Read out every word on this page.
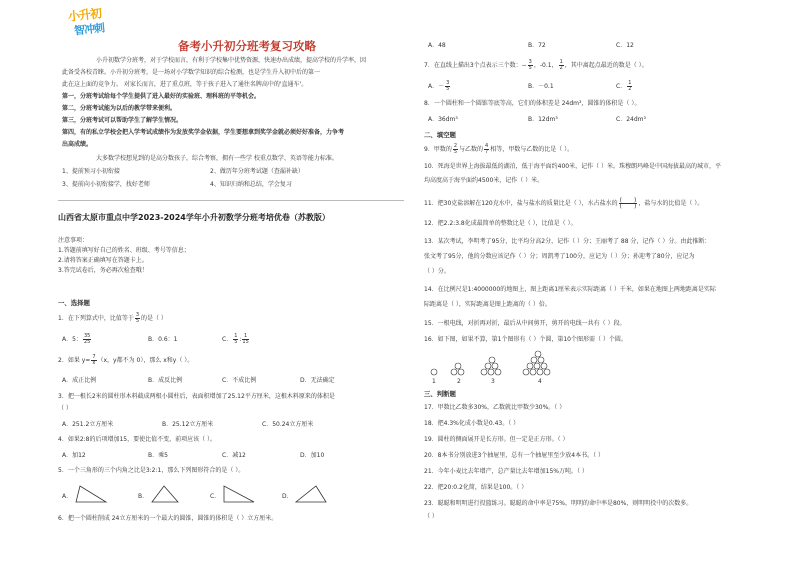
小升初
智冲刺
备考小升初分班考复习攻略
小升初数学分班考，对于学校而言，有利于学校集中优势资源，快速办出成绩，提高学校的升学率，因
此备受各校青睐。小升初分班考，是一场对小学数学知识的综合检测，也是学生升入初中后的第一
此在这上面的竞争力。 对家长而言，进了重点班，等于孩子进入了通往名牌高中的'直通车'。
第一，分班考试给每个学生提供了进入最好的实验班、理科班的平等机会。
第二，分班考试能为以后的教学带来便利。
第三，分班考试可以帮助学生了解学生情况。
第四，有的私立学校会把入学考试成绩作为发放奖学金依据，学生要想拿到奖学金就必须好好准备，力争考
出高成绩。
大多数学校想见到的是高分数孩子，综合考察，拥有一些学 校重点数学、英语等能力标准。
1、提前预习小初衔接	2、做历年分班考试题（查漏补缺）
3、提前向小初衔接学，找好老师	4、知识归纳和总结，学会复习
山西省太原市重点中学2023-2024学年小升初数学分班考培优卷（苏教版）
注意事项：
1.答题前填写好自己的姓名、班级、考号等信息；
2.请将答案正确填写在答题卡上。
3.答完试卷后，务必再次检查哦！
一、选择题
1．在下列算式中，比值等于 $\frac{3}{5}$ 的是（ ）
A．5： $\frac{35}{25}$	B．0.6：1	C． $\frac{1}{5}$ : $\frac{1}{15}$
2．如果 $y= \frac{7}{x} (x$，y都不为 0），那么 x和y（ ）。
A．成正比例	B．成反比例	C．不成比例	D．无法确定
3．把一根长2米的圆柱形木料截成两根小圆柱后，表面积增加了25.12平方厘米，这根木料原来的体积是
（ ）
A．251.2立方厘米	B．25.12立方厘米	C．50.24立方厘米
4．如果2:8的后项增加15，要使比值不变，前项应该（ ）。
A．加12	B．乘5	C．减12	D．加10
5．一个三角形的三个内角之比是3:2:1，那么下列图形符合的是（ ）。
A．	B．	C．	D．
6．把一个圆柱削成 24立方厘米的一个最大的圆锥，圆锥的体积是（ ）立方厘米。
A．48	B．72	C．12
7．在直线上描出3个点表示三个数：− $\frac{3}{5}$ ，-0.1， $\frac{1}{2}$ ，其中离起点最近的数是（ ）。
A．－ $\frac{3}{5}$	B．－0.1	C． $\frac{1}{2}$
8．一个圆柱和一个圆锥等底等高，它们的体积差是 24dm³，圆锥的体积是（ ）。
A．36dm³	B．12dm³	C．24dm³
二、填空题
9．甲数的 $\frac{2}{5}$ 与乙数的 $\frac{4}{7}$ 相等，甲数与乙数的比是（ ）。
10．死海是世界上海拔最低的湖泊，低于海平面约400米，记作（ ）米。珠穆朗玛峰是中国海拔最高的城市，平
均高度高于海平面约4500米，记作（ ）米。
11．把30克盐溶解在120克水中，盐与盐水的质量比是（ ），水占盐水的 $\frac{( )}{( )}$ ，盐与水的比值是（ ）。
12．把2.2:3.8化成最简单的整数比是（ ），比值是（ ）。
13．某次考试，李明考了95分，比平均分高2分，记作（ ）分；王丽考了 88 分，记作（ ）分。由此推断：
张文考了95分，他的分数应该记作（ ）分；周凯考了100分，应记为（ ）分；孙迎考了80分，应记为
（ ）分。
14．在比例尺是1:4000000的地图上，图上距离1厘米表示实际距离（ ）千米，如果在地图上两地距离是实际
际距离是（ ），实际距离是图上距离的（ ）倍。
15．一根电线，对折再对折，最后从中间剪开，剪开的电线一共有（ ）段。
16．如下图，如果不算，第1个图形有（ ）个圆，第10个图形需（ ）个圆。
1	2	3	4
三、判断题
17．甲数比乙数多30%，乙数就比甲数少30%。（ ）
18．把4.3%化成小数是0.43。（ ）
19．圆柱的侧面展开是长方形。但一定是正方形。（ ）
20．8本书分别放进3个抽屉里，总有一个抽屉里至少放4本书。（ ）
21．今年小麦比去年增产，总产量比去年增加15%万吨。（ ）
22．把20:0.2化简，结果是100。（ ）
23．聪聪和明明进行投篮练习。聪聪的命中率是75%，明明的命中率是80%，则明明投中的次数多。
（ ）
